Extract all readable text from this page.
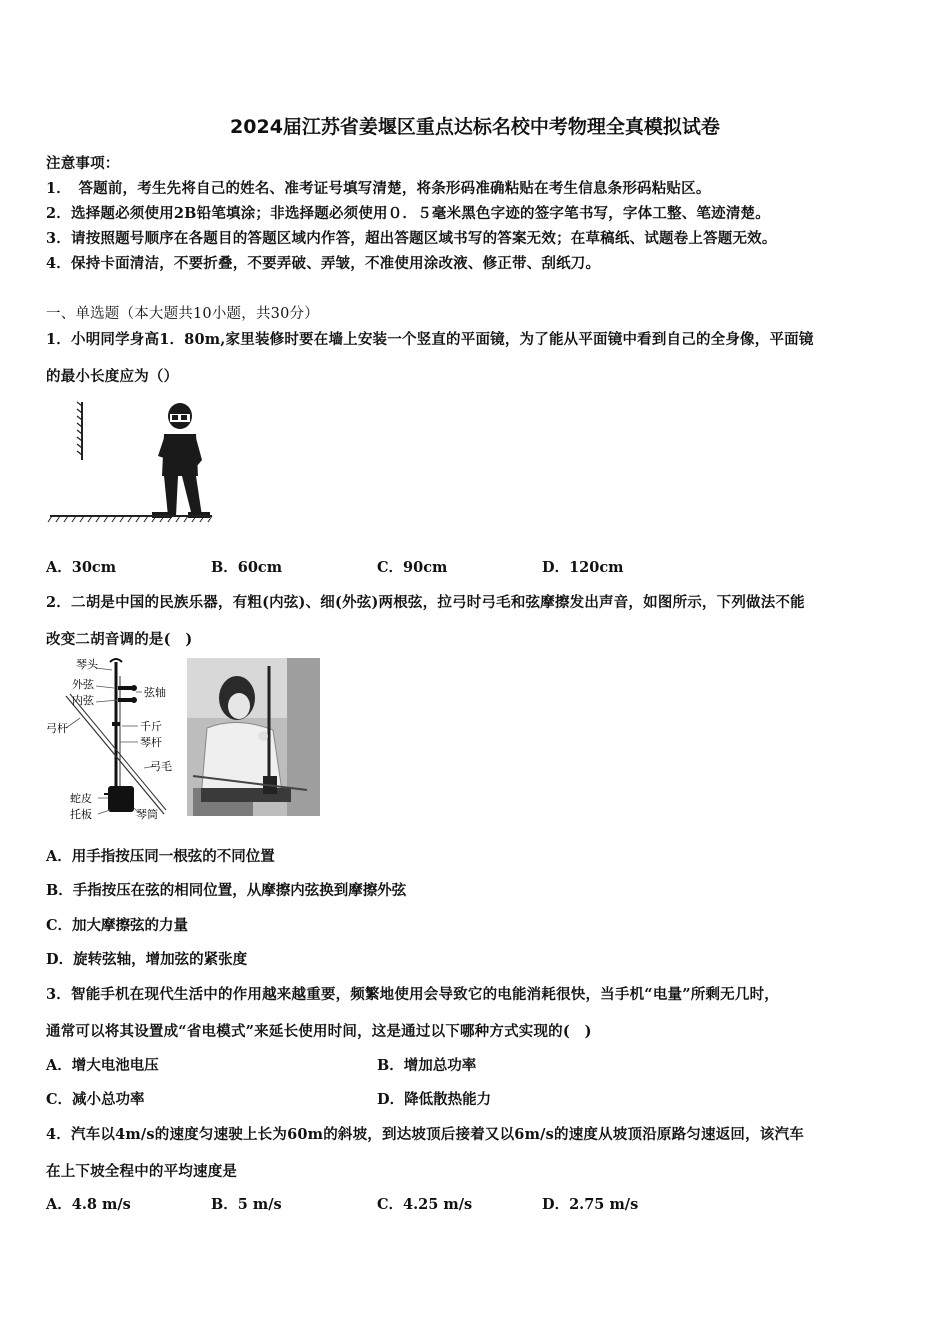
2024届江苏省姜堰区重点达标名校中考物理全真模拟试卷
注意事项：
1．　答题前，考生先将自己的姓名、准考证号填写清楚，将条形码准确粘贴在考生信息条形码粘贴区。
2．选择题必须使用2B铅笔填涂；非选择题必须使用０．５毫米黑色字迹的签字笔书写，字体工整、笔迹清楚。
3．请按照题号顺序在各题目的答题区域内作答，超出答题区域书写的答案无效；在草稿纸、试题卷上答题无效。
4．保持卡面清洁，不要折叠，不要弄破、弄皱，不准使用涂改液、修正带、刮纸刀。
一、单选题（本大题共10小题，共30分）
1．小明同学身高1．80m,家里装修时要在墙上安装一个竖直的平面镜，为了能从平面镜中看到自己的全身像，平面镜
的最小长度应为（）
A．30cm	B．60cm	C．90cm	D．120cm
2．二胡是中国的民族乐器，有粗(内弦)、细(外弦)两根弦，拉弓时弓毛和弦摩擦发出声音，如图所示，下列做法不能
改变二胡音调的是(　)
琴头
外弦
内弦
弦轴
弓杆	千斤
琴杆
弓毛
蛇皮
托板	琴筒
A．用手指按压同一根弦的不同位置
B．手指按压在弦的相同位置，从摩擦内弦换到摩擦外弦
C．加大摩擦弦的力量
D．旋转弦轴，增加弦的紧张度
3．智能手机在现代生活中的作用越来越重要，频繁地使用会导致它的电能消耗很快，当手机“电量”所剩无几时，
通常可以将其设置成“省电模式”来延长使用时间，这是通过以下哪种方式实现的(　)
A．增大电池电压	B．增加总功率
C．减小总功率	D．降低散热能力
4．汽车以4m/s的速度匀速驶上长为60m的斜坡，到达坡顶后接着又以6m/s的速度从坡顶沿原路匀速返回，该汽车
在上下坡全程中的平均速度是
A．4.8 m/s	B．5 m/s	C．4.25 m/s	D．2.75 m/s
